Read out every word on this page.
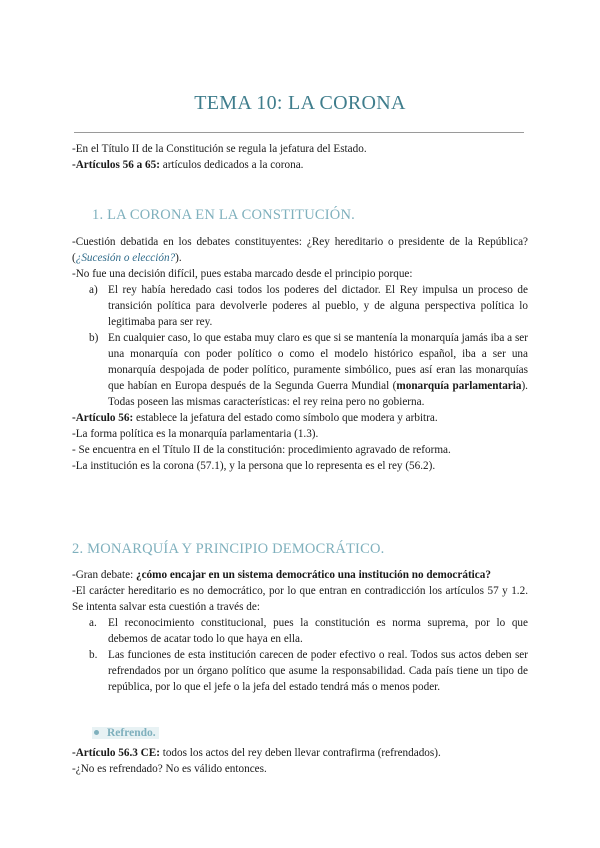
TEMA 10: LA CORONA

-En el Título II de la Constitución se regula la jefatura del Estado.

-Artículos 56 a 65: artículos dedicados a la corona.

1. LA CORONA EN LA CONSTITUCIÓN.

-Cuestión debatida en los debates constituyentes: ¿Rey hereditario o presidente de la República? (¿Sucesión o elección?).

-No fue una decisión difícil, pues estaba marcado desde el principio porque:

a) El rey había heredado casi todos los poderes del dictador. El Rey impulsa un proceso de transición política para devolverle poderes al pueblo, y de alguna perspectiva política lo legitimaba para ser rey.
b) En cualquier caso, lo que estaba muy claro es que si se mantenía la monarquía jamás iba a ser una monarquía con poder político o como el modelo histórico español, iba a ser una monarquía despojada de poder político, puramente simbólico, pues así eran las monarquías que habían en Europa después de la Segunda Guerra Mundial (monarquía parlamentaria). Todas poseen las mismas características: el rey reina pero no gobierna.

-Artículo 56: establece la jefatura del estado como símbolo que modera y arbitra.

-La forma política es la monarquía parlamentaria (1.3).

- Se encuentra en el Título II de la constitución: procedimiento agravado de reforma.

-La institución es la corona (57.1), y la persona que lo representa es el rey (56.2).

2. MONARQUÍA Y PRINCIPIO DEMOCRÁTICO.

-Gran debate: ¿cómo encajar en un sistema democrático una institución no democrática?

-El carácter hereditario es no democrático, por lo que entran en contradicción los artículos 57 y 1.2. Se intenta salvar esta cuestión a través de:

a. El reconocimiento constitucional, pues la constitución es norma suprema, por lo que debemos de acatar todo lo que haya en ella.
b. Las funciones de esta institución carecen de poder efectivo o real. Todos sus actos deben ser refrendados por un órgano político que asume la responsabilidad. Cada país tiene un tipo de república, por lo que el jefe o la jefa del estado tendrá más o menos poder.
Refrendo.

-Artículo 56.3 CE: todos los actos del rey deben llevar contrafirma (refrendados).

-¿No es refrendado? No es válido entonces.
